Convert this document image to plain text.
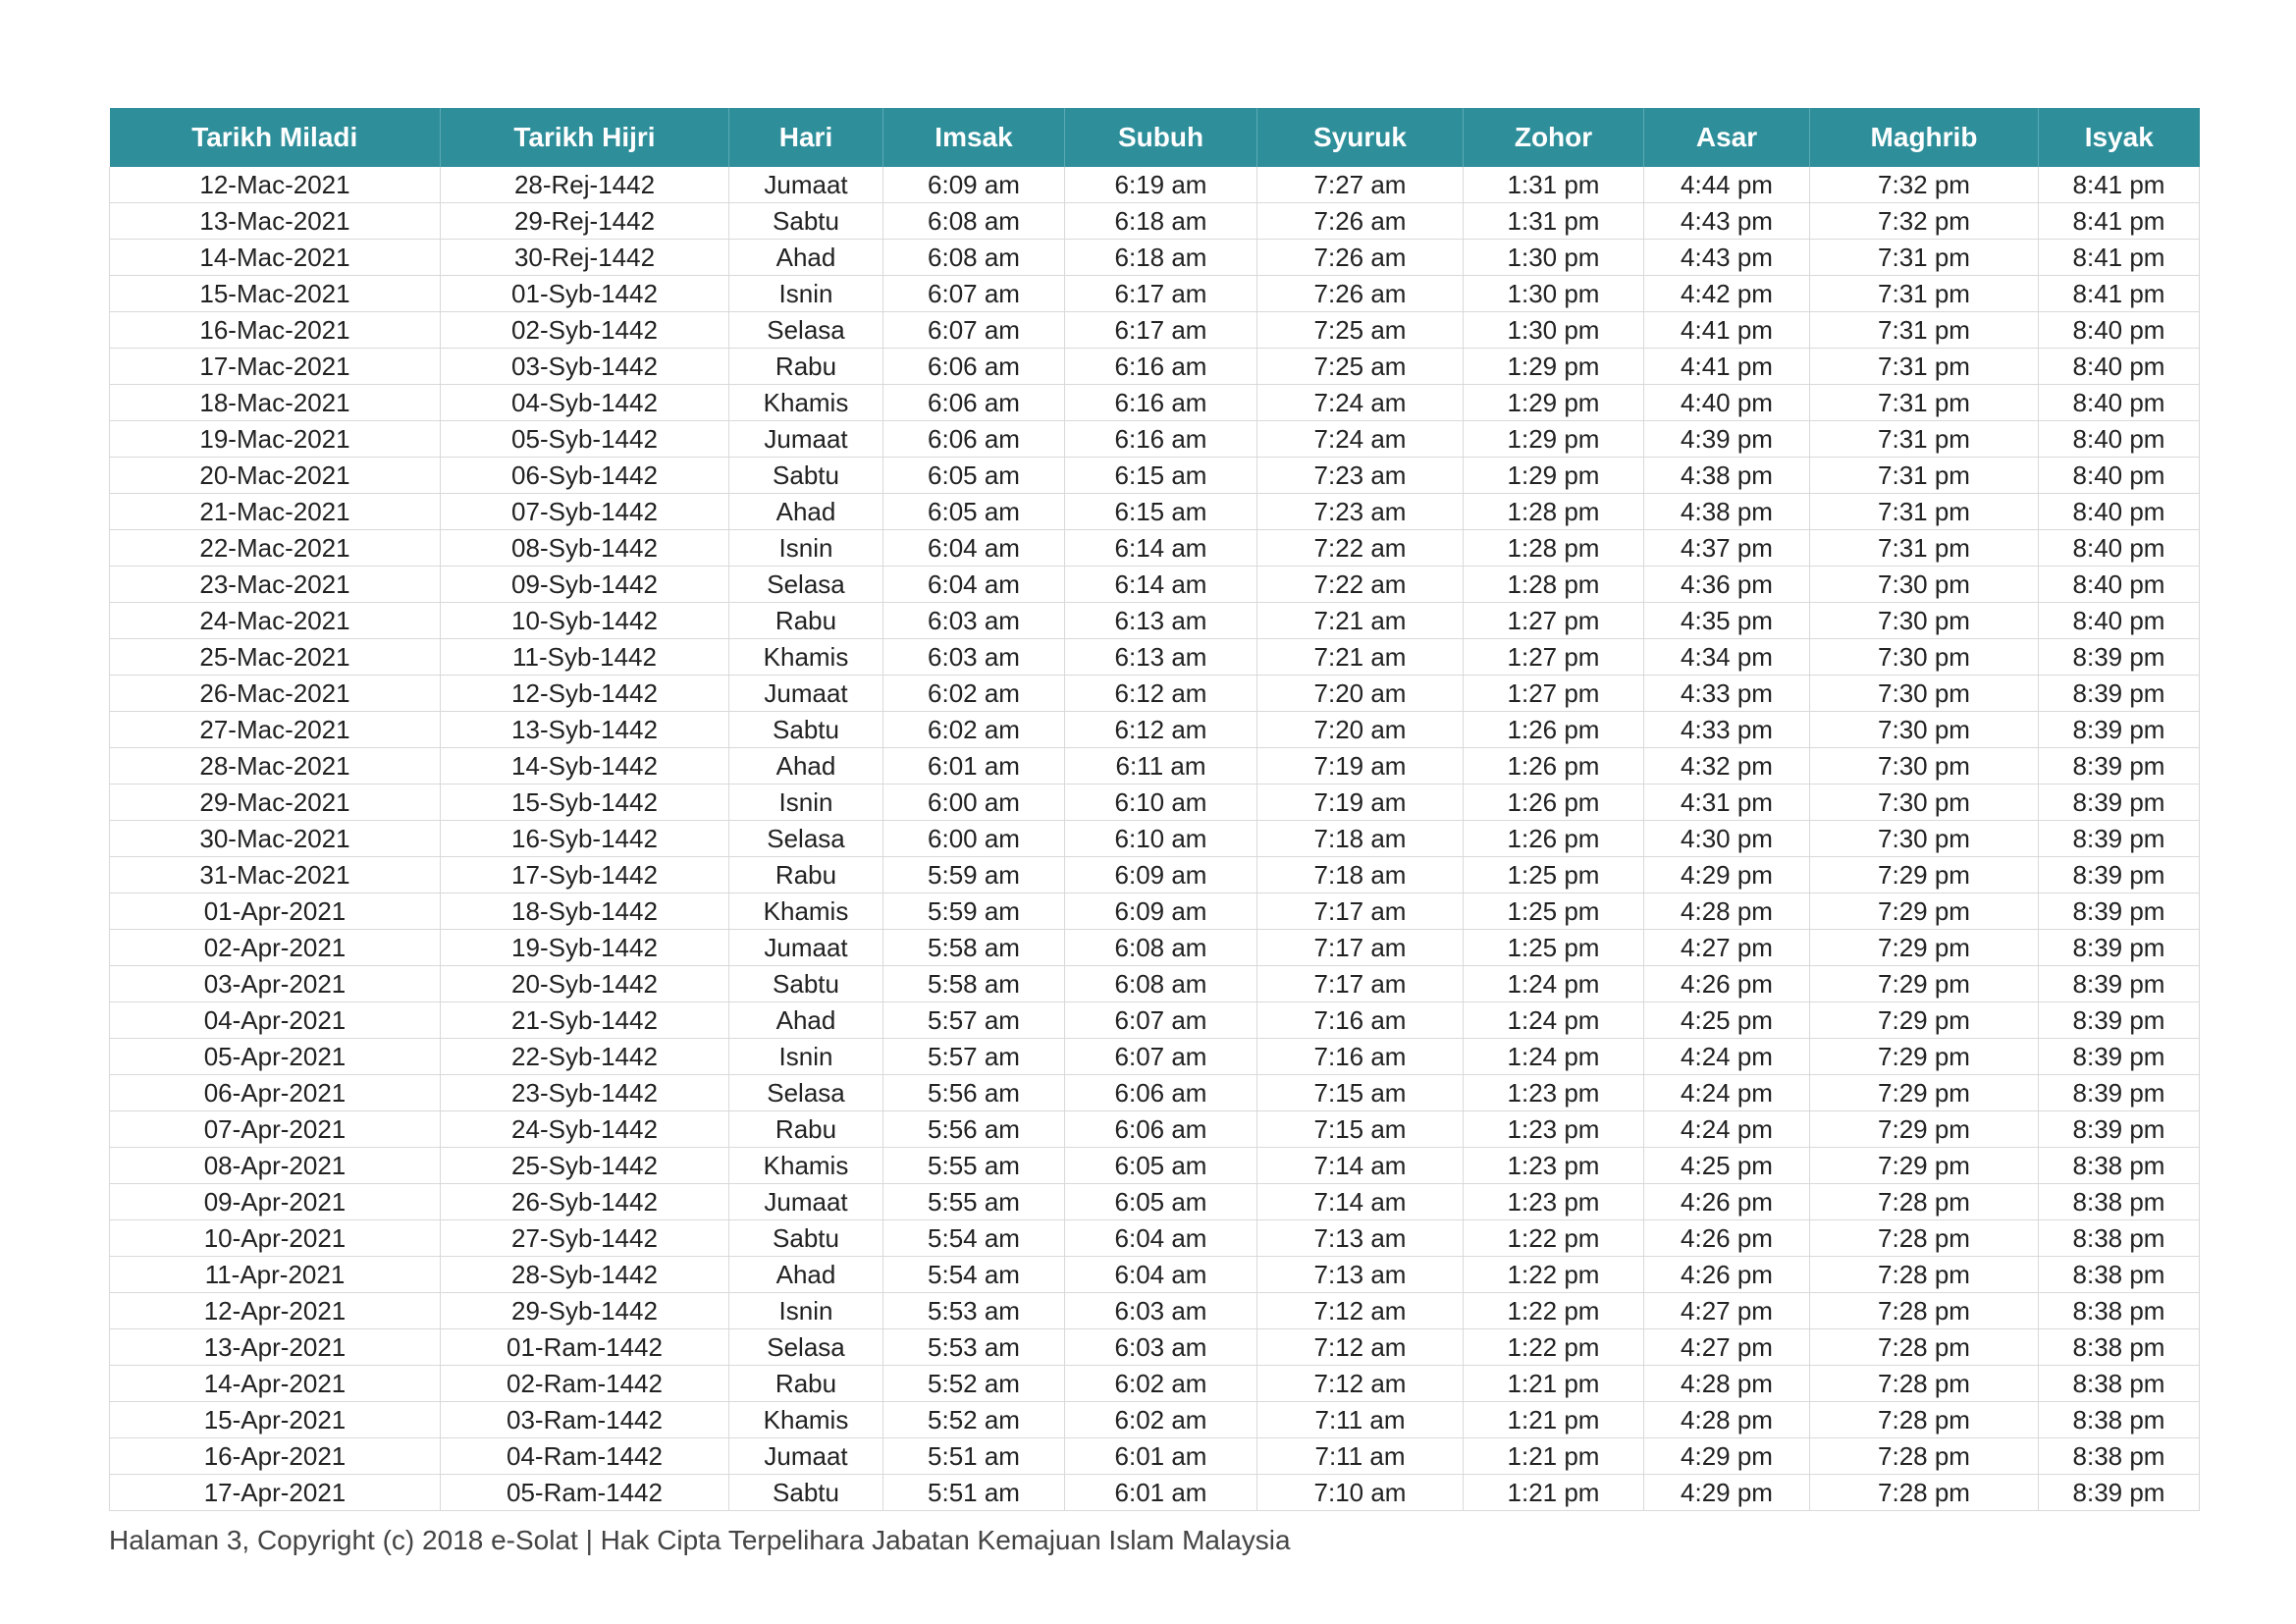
Tarikh Miladi	Tarikh Hijri	Hari	Imsak	Subuh	Syuruk	Zohor	Asar	Maghrib	Isyak
12-Mac-2021	28-Rej-1442	Jumaat	6:09 am	6:19 am	7:27 am	1:31 pm	4:44 pm	7:32 pm	8:41 pm
13-Mac-2021	29-Rej-1442	Sabtu	6:08 am	6:18 am	7:26 am	1:31 pm	4:43 pm	7:32 pm	8:41 pm
14-Mac-2021	30-Rej-1442	Ahad	6:08 am	6:18 am	7:26 am	1:30 pm	4:43 pm	7:31 pm	8:41 pm
15-Mac-2021	01-Syb-1442	Isnin	6:07 am	6:17 am	7:26 am	1:30 pm	4:42 pm	7:31 pm	8:41 pm
16-Mac-2021	02-Syb-1442	Selasa	6:07 am	6:17 am	7:25 am	1:30 pm	4:41 pm	7:31 pm	8:40 pm
17-Mac-2021	03-Syb-1442	Rabu	6:06 am	6:16 am	7:25 am	1:29 pm	4:41 pm	7:31 pm	8:40 pm
18-Mac-2021	04-Syb-1442	Khamis	6:06 am	6:16 am	7:24 am	1:29 pm	4:40 pm	7:31 pm	8:40 pm
19-Mac-2021	05-Syb-1442	Jumaat	6:06 am	6:16 am	7:24 am	1:29 pm	4:39 pm	7:31 pm	8:40 pm
20-Mac-2021	06-Syb-1442	Sabtu	6:05 am	6:15 am	7:23 am	1:29 pm	4:38 pm	7:31 pm	8:40 pm
21-Mac-2021	07-Syb-1442	Ahad	6:05 am	6:15 am	7:23 am	1:28 pm	4:38 pm	7:31 pm	8:40 pm
22-Mac-2021	08-Syb-1442	Isnin	6:04 am	6:14 am	7:22 am	1:28 pm	4:37 pm	7:31 pm	8:40 pm
23-Mac-2021	09-Syb-1442	Selasa	6:04 am	6:14 am	7:22 am	1:28 pm	4:36 pm	7:30 pm	8:40 pm
24-Mac-2021	10-Syb-1442	Rabu	6:03 am	6:13 am	7:21 am	1:27 pm	4:35 pm	7:30 pm	8:40 pm
25-Mac-2021	11-Syb-1442	Khamis	6:03 am	6:13 am	7:21 am	1:27 pm	4:34 pm	7:30 pm	8:39 pm
26-Mac-2021	12-Syb-1442	Jumaat	6:02 am	6:12 am	7:20 am	1:27 pm	4:33 pm	7:30 pm	8:39 pm
27-Mac-2021	13-Syb-1442	Sabtu	6:02 am	6:12 am	7:20 am	1:26 pm	4:33 pm	7:30 pm	8:39 pm
28-Mac-2021	14-Syb-1442	Ahad	6:01 am	6:11 am	7:19 am	1:26 pm	4:32 pm	7:30 pm	8:39 pm
29-Mac-2021	15-Syb-1442	Isnin	6:00 am	6:10 am	7:19 am	1:26 pm	4:31 pm	7:30 pm	8:39 pm
30-Mac-2021	16-Syb-1442	Selasa	6:00 am	6:10 am	7:18 am	1:26 pm	4:30 pm	7:30 pm	8:39 pm
31-Mac-2021	17-Syb-1442	Rabu	5:59 am	6:09 am	7:18 am	1:25 pm	4:29 pm	7:29 pm	8:39 pm
01-Apr-2021	18-Syb-1442	Khamis	5:59 am	6:09 am	7:17 am	1:25 pm	4:28 pm	7:29 pm	8:39 pm
02-Apr-2021	19-Syb-1442	Jumaat	5:58 am	6:08 am	7:17 am	1:25 pm	4:27 pm	7:29 pm	8:39 pm
03-Apr-2021	20-Syb-1442	Sabtu	5:58 am	6:08 am	7:17 am	1:24 pm	4:26 pm	7:29 pm	8:39 pm
04-Apr-2021	21-Syb-1442	Ahad	5:57 am	6:07 am	7:16 am	1:24 pm	4:25 pm	7:29 pm	8:39 pm
05-Apr-2021	22-Syb-1442	Isnin	5:57 am	6:07 am	7:16 am	1:24 pm	4:24 pm	7:29 pm	8:39 pm
06-Apr-2021	23-Syb-1442	Selasa	5:56 am	6:06 am	7:15 am	1:23 pm	4:24 pm	7:29 pm	8:39 pm
07-Apr-2021	24-Syb-1442	Rabu	5:56 am	6:06 am	7:15 am	1:23 pm	4:24 pm	7:29 pm	8:39 pm
08-Apr-2021	25-Syb-1442	Khamis	5:55 am	6:05 am	7:14 am	1:23 pm	4:25 pm	7:29 pm	8:38 pm
09-Apr-2021	26-Syb-1442	Jumaat	5:55 am	6:05 am	7:14 am	1:23 pm	4:26 pm	7:28 pm	8:38 pm
10-Apr-2021	27-Syb-1442	Sabtu	5:54 am	6:04 am	7:13 am	1:22 pm	4:26 pm	7:28 pm	8:38 pm
11-Apr-2021	28-Syb-1442	Ahad	5:54 am	6:04 am	7:13 am	1:22 pm	4:26 pm	7:28 pm	8:38 pm
12-Apr-2021	29-Syb-1442	Isnin	5:53 am	6:03 am	7:12 am	1:22 pm	4:27 pm	7:28 pm	8:38 pm
13-Apr-2021	01-Ram-1442	Selasa	5:53 am	6:03 am	7:12 am	1:22 pm	4:27 pm	7:28 pm	8:38 pm
14-Apr-2021	02-Ram-1442	Rabu	5:52 am	6:02 am	7:12 am	1:21 pm	4:28 pm	7:28 pm	8:38 pm
15-Apr-2021	03-Ram-1442	Khamis	5:52 am	6:02 am	7:11 am	1:21 pm	4:28 pm	7:28 pm	8:38 pm
16-Apr-2021	04-Ram-1442	Jumaat	5:51 am	6:01 am	7:11 am	1:21 pm	4:29 pm	7:28 pm	8:38 pm
17-Apr-2021	05-Ram-1442	Sabtu	5:51 am	6:01 am	7:10 am	1:21 pm	4:29 pm	7:28 pm	8:39 pm
Halaman 3, Copyright (c) 2018 e-Solat | Hak Cipta Terpelihara Jabatan Kemajuan Islam Malaysia
